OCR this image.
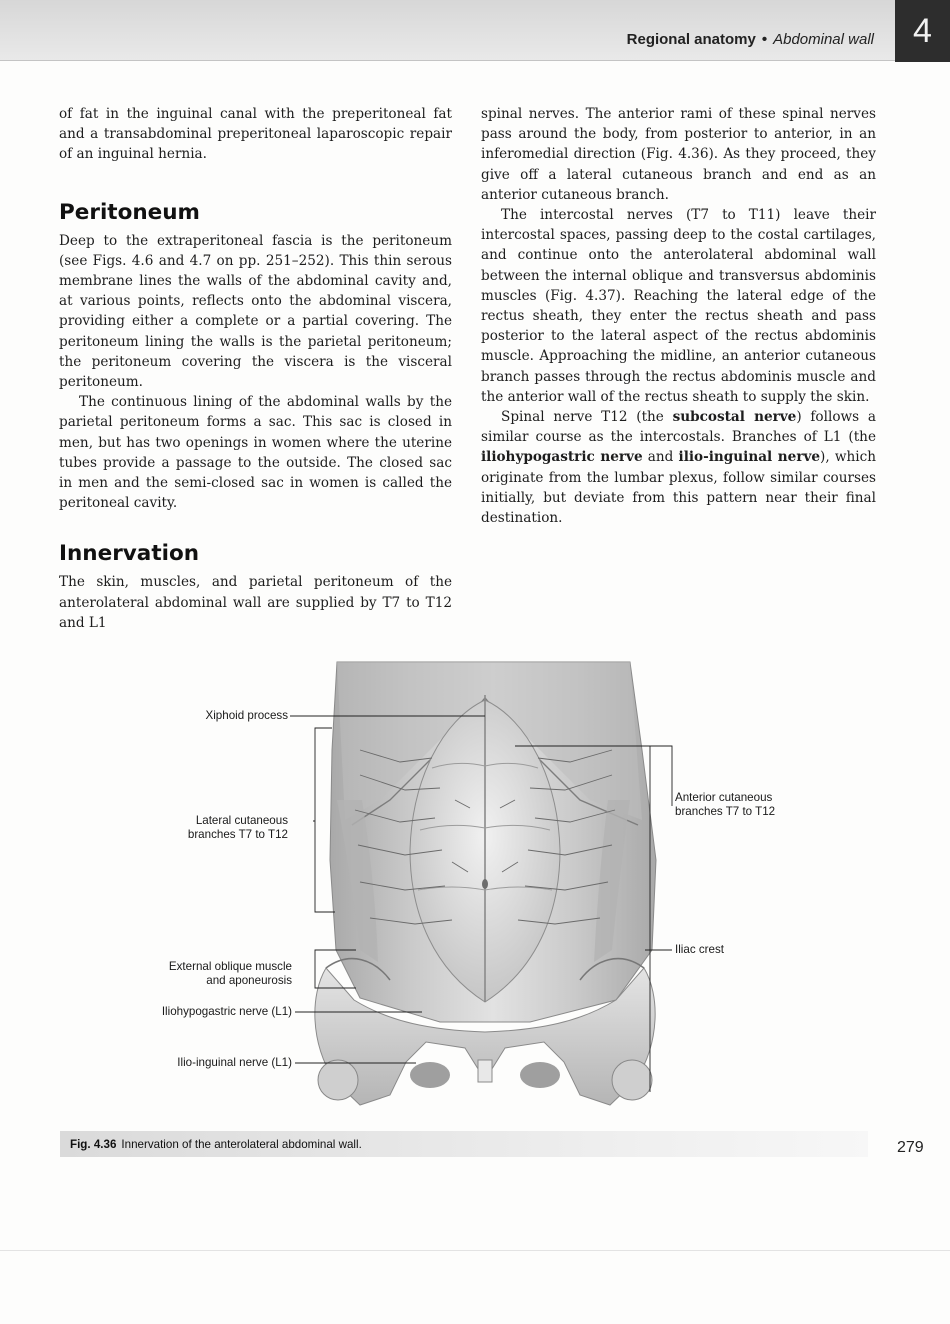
Regional anatomy • Abdominal wall	4

of fat in the inguinal canal with the preperitoneal fat and a transabdominal preperitoneal laparoscopic repair of an inguinal hernia.

Peritoneum

Deep to the extraperitoneal fascia is the peritoneum (see Figs. 4.6 and 4.7 on pp. 251–252). This thin serous membrane lines the walls of the abdominal cavity and, at various points, reflects onto the abdominal viscera, providing either a complete or a partial covering. The peritoneum lining the walls is the parietal peritoneum; the peritoneum covering the viscera is the visceral peritoneum.

The continuous lining of the abdominal walls by the parietal peritoneum forms a sac. This sac is closed in men, but has two openings in women where the uterine tubes provide a passage to the outside. The closed sac in men and the semi-closed sac in women is called the peritoneal cavity.

Innervation

The skin, muscles, and parietal peritoneum of the anterolateral abdominal wall are supplied by T7 to T12 and L1

spinal nerves. The anterior rami of these spinal nerves pass around the body, from posterior to anterior, in an inferomedial direction (Fig. 4.36). As they proceed, they give off a lateral cutaneous branch and end as an anterior cutaneous branch.

The intercostal nerves (T7 to T11) leave their intercostal spaces, passing deep to the costal cartilages, and continue onto the anterolateral abdominal wall between the internal oblique and transversus abdominis muscles (Fig. 4.37). Reaching the lateral edge of the rectus sheath, they enter the rectus sheath and pass posterior to the lateral aspect of the rectus abdominis muscle. Approaching the midline, an anterior cutaneous branch passes through the rectus abdominis muscle and the anterior wall of the rectus sheath to supply the skin.

Spinal nerve T12 (the subcostal nerve) follows a similar course as the intercostals. Branches of L1 (the iliohypogastric nerve and ilio-inguinal nerve), which originate from the lumbar plexus, follow similar courses initially, but deviate from this pattern near their final destination.

Xiphoid process
Lateral cutaneous
branches T7 to T12
Anterior cutaneous
branches T7 to T12
Iliac crest
External oblique muscle
and aponeurosis
Iliohypogastric nerve (L1)
Ilio-inguinal nerve (L1)
Fig. 4.36 Innervation of the anterolateral abdominal wall.	279
